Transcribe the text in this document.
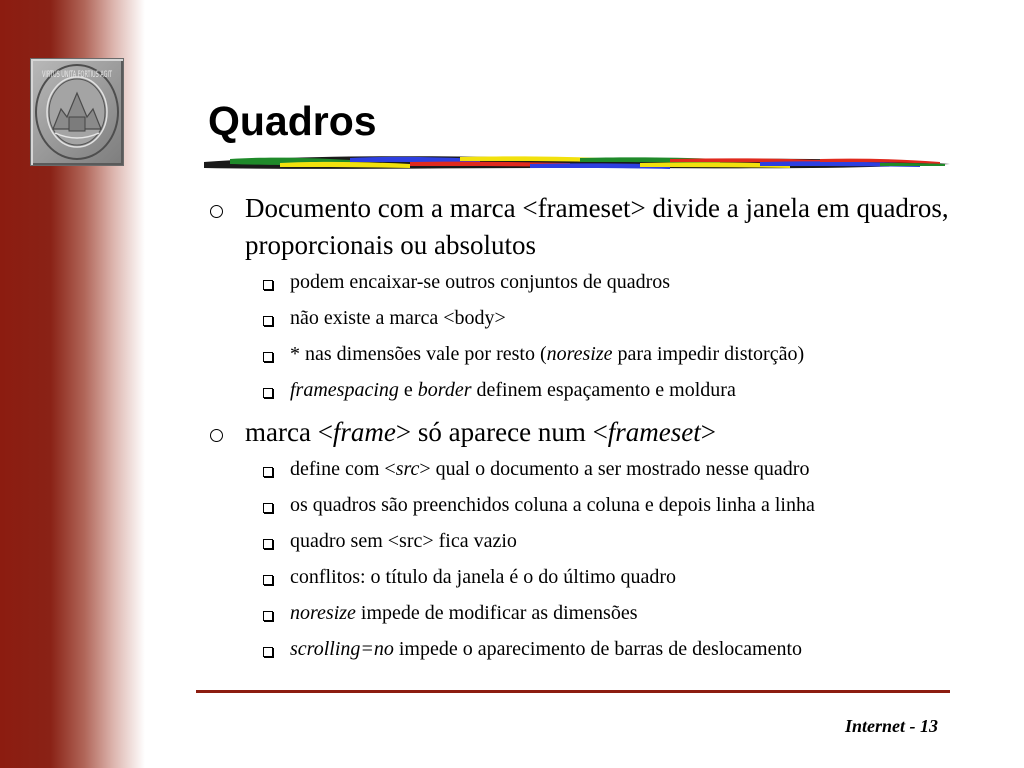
VIRTUS UNITA FORTIUS AGIT
Quadros
Documento com a marca <frameset> divide a janela em quadros, proporcionais ou absolutos
podem encaixar-se outros conjuntos de quadros
não existe a marca <body>
* nas dimensões vale por resto (noresize para impedir distorção)
framespacing e border definem espaçamento e moldura
marca <frame> só aparece num <frameset>
define com <src> qual o documento a ser mostrado nesse quadro
os quadros são preenchidos coluna a coluna e depois linha a linha
quadro sem <src> fica vazio
conflitos: o título da janela é o do último quadro
noresize impede de modificar as dimensões
scrolling=no impede o aparecimento de barras de deslocamento
Internet - 13
